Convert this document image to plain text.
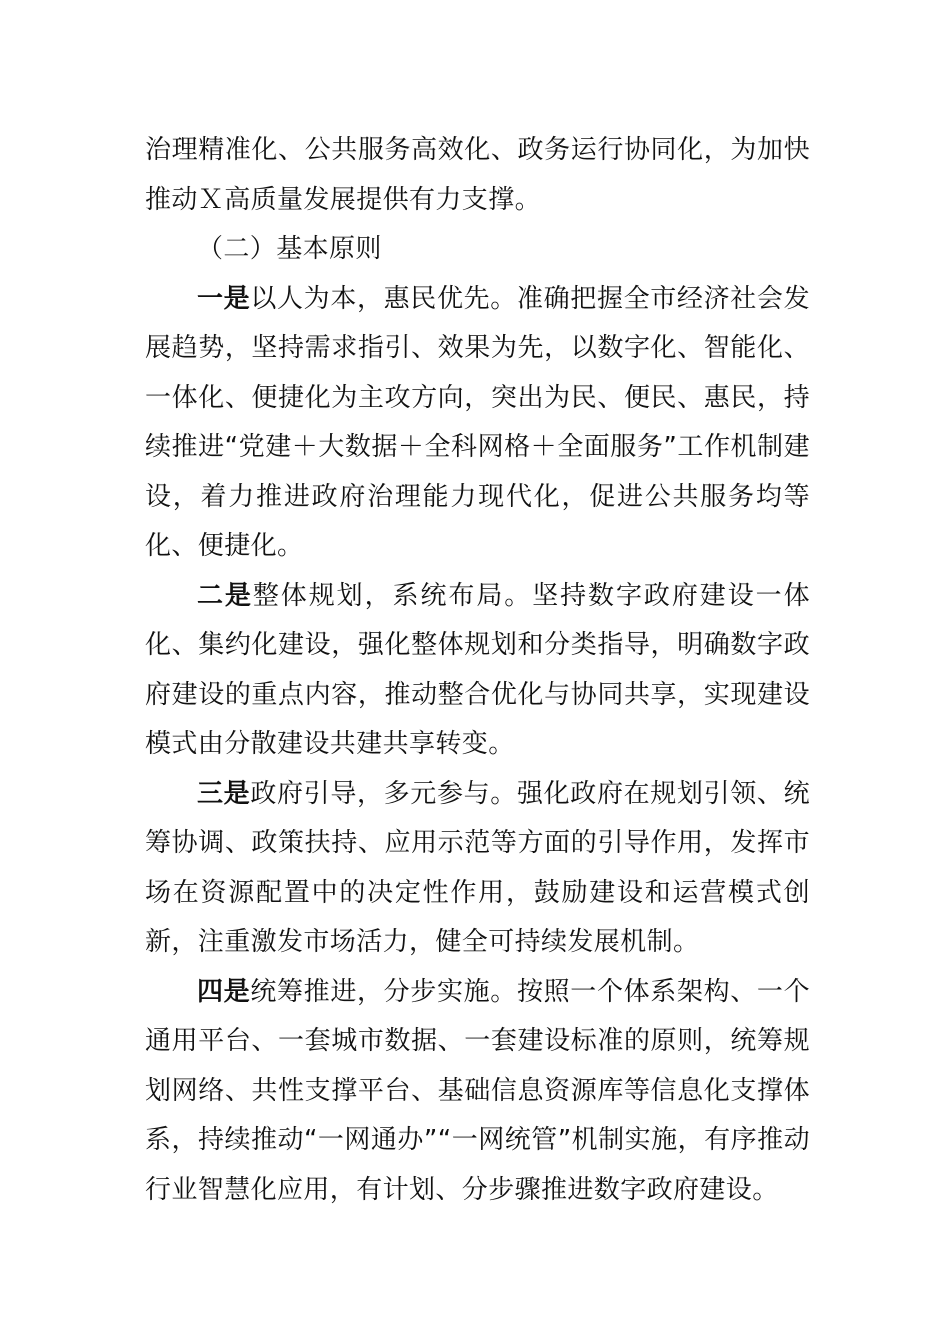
治理精准化、公共服务高效化、政务运行协同化，为加快推动Ｘ高质量发展提供有力支撑。

（二）基本原则

一是以人为本，惠民优先。准确把握全市经济社会发展趋势，坚持需求指引、效果为先，以数字化、智能化、一体化、便捷化为主攻方向，突出为民、便民、惠民，持续推进“党建＋大数据＋全科网格＋全面服务”工作机制建设，着力推进政府治理能力现代化，促进公共服务均等化、便捷化。

二是整体规划，系统布局。坚持数字政府建设一体化、集约化建设，强化整体规划和分类指导，明确数字政府建设的重点内容，推动整合优化与协同共享，实现建设模式由分散建设共建共享转变。

三是政府引导，多元参与。强化政府在规划引领、统筹协调、政策扶持、应用示范等方面的引导作用，发挥市场在资源配置中的决定性作用，鼓励建设和运营模式创新，注重激发市场活力，健全可持续发展机制。

四是统筹推进，分步实施。按照一个体系架构、一个通用平台、一套城市数据、一套建设标准的原则，统筹规划网络、共性支撑平台、基础信息资源库等信息化支撑体系，持续推动“一网通办”“一网统管”机制实施，有序推动行业智慧化应用，有计划、分步骤推进数字政府建设。
